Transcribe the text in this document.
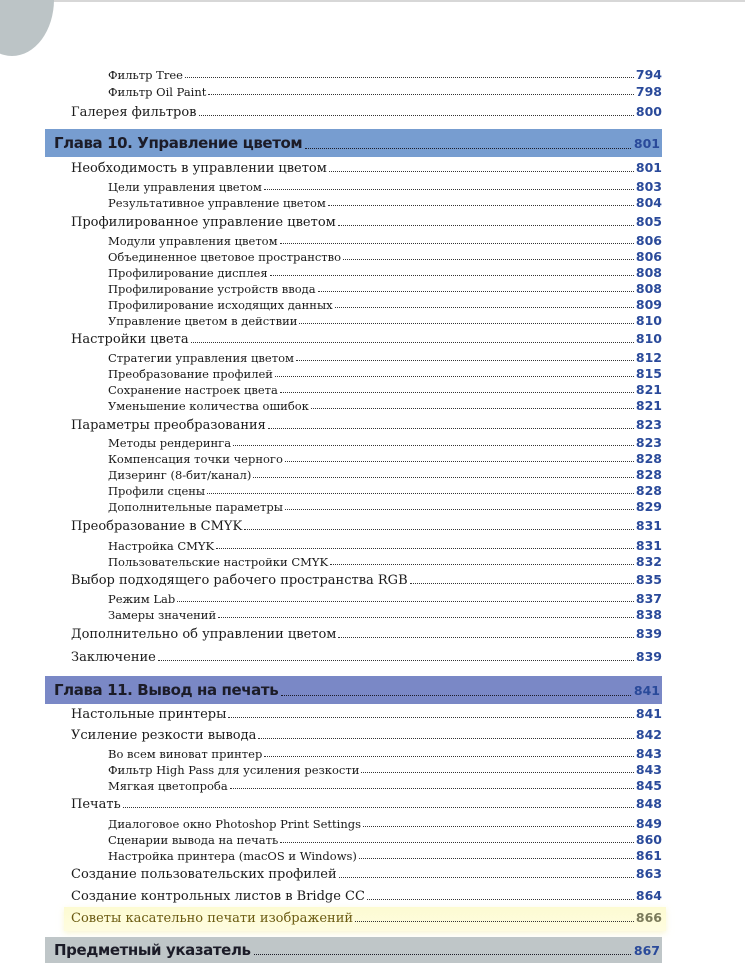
Фильтр Tree	794
Фильтр Oil Paint	798
Галерея фильтров	800
Глава 10. Управление цветом	801
Необходимость в управлении цветом	801
Цели управления цветом	803
Результативное управление цветом	804
Профилированное управление цветом	805
Модули управления цветом	806
Объединенное цветовое пространство	806
Профилирование дисплея	808
Профилирование устройств ввода	808
Профилирование исходящих данных	809
Управление цветом в действии	810
Настройки цвета	810
Стратегии управления цветом	812
Преобразование профилей	815
Сохранение настроек цвета	821
Уменьшение количества ошибок	821
Параметры преобразования	823
Методы рендеринга	823
Компенсация точки черного	828
Дизеринг (8-бит/канал)	828
Профили сцены	828
Дополнительные параметры	829
Преобразование в CMYK	831
Настройка CMYK	831
Пользовательские настройки CMYK	832
Выбор подходящего рабочего пространства RGB	835
Режим Lab	837
Замеры значений	838
Дополнительно об управлении цветом	839
Заключение	839
Глава 11. Вывод на печать	841
Настольные принтеры	841
Усиление резкости вывода	842
Во всем виноват принтер	843
Фильтр High Pass для усиления резкости	843
Мягкая цветопроба	845
Печать	848
Диалоговое окно Photoshop Print Settings	849
Сценарии вывода на печать	860
Настройка принтера (macOS и Windows)	861
Создание пользовательских профилей	863
Создание контрольных листов в Bridge CC	864
Советы касательно печати изображений	866
Предметный указатель	867
